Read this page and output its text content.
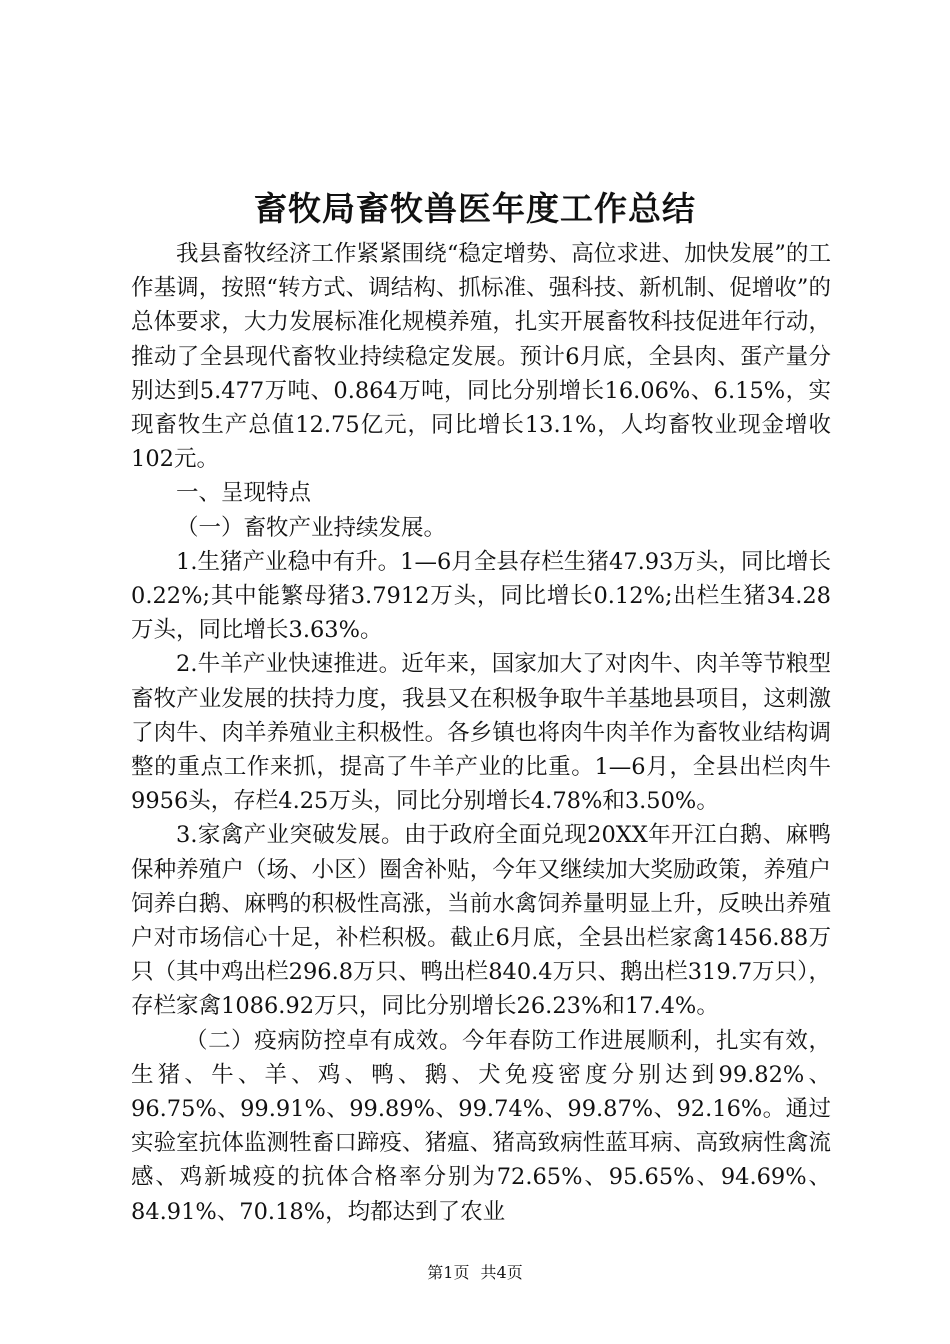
畜牧局畜牧兽医年度工作总结

我县畜牧经济工作紧紧围绕“稳定增势、高位求进、加快发展”的工作基调，按照“转方式、调结构、抓标准、强科技、新机制、促增收”的总体要求，大力发展标准化规模养殖，扎实开展畜牧科技促进年行动，推动了全县现代畜牧业持续稳定发展。预计6月底，全县肉、蛋产量分别达到5.477万吨、0.864万吨，同比分别增长16.06%、6.15%，实现畜牧生产总值12.75亿元，同比增长13.1%，人均畜牧业现金增收102元。

一、呈现特点

（一）畜牧产业持续发展。

1.生猪产业稳中有升。1—6月全县存栏生猪47.93万头，同比增长0.22%;其中能繁母猪3.7912万头，同比增长0.12%;出栏生猪34.28万头，同比增长3.63%。

2.牛羊产业快速推进。近年来，国家加大了对肉牛、肉羊等节粮型畜牧产业发展的扶持力度，我县又在积极争取牛羊基地县项目，这刺激了肉牛、肉羊养殖业主积极性。各乡镇也将肉牛肉羊作为畜牧业结构调整的重点工作来抓，提高了牛羊产业的比重。1—6月，全县出栏肉牛9956头，存栏4.25万头，同比分别增长4.78%和3.50%。

3.家禽产业突破发展。由于政府全面兑现20XX年开江白鹅、麻鸭保种养殖户（场、小区）圈舍补贴，今年又继续加大奖励政策，养殖户饲养白鹅、麻鸭的积极性高涨，当前水禽饲养量明显上升，反映出养殖户对市场信心十足，补栏积极。截止6月底，全县出栏家禽1456.88万只（其中鸡出栏296.8万只、鸭出栏840.4万只、鹅出栏319.7万只），存栏家禽1086.92万只，同比分别增长26.23%和17.4%。

（二）疫病防控卓有成效。今年春防工作进展顺利，扎实有效，生猪、牛、羊、鸡、鸭、鹅、犬免疫密度分别达到99.82%、96.75%、99.91%、99.89%、99.74%、99.87%、92.16%。通过实验室抗体监测牲畜口蹄疫、猪瘟、猪高致病性蓝耳病、高致病性禽流感、鸡新城疫的抗体合格率分别为72.65%、95.65%、94.69%、84.91%、70.18%，均都达到了农业

第1页 共4页
